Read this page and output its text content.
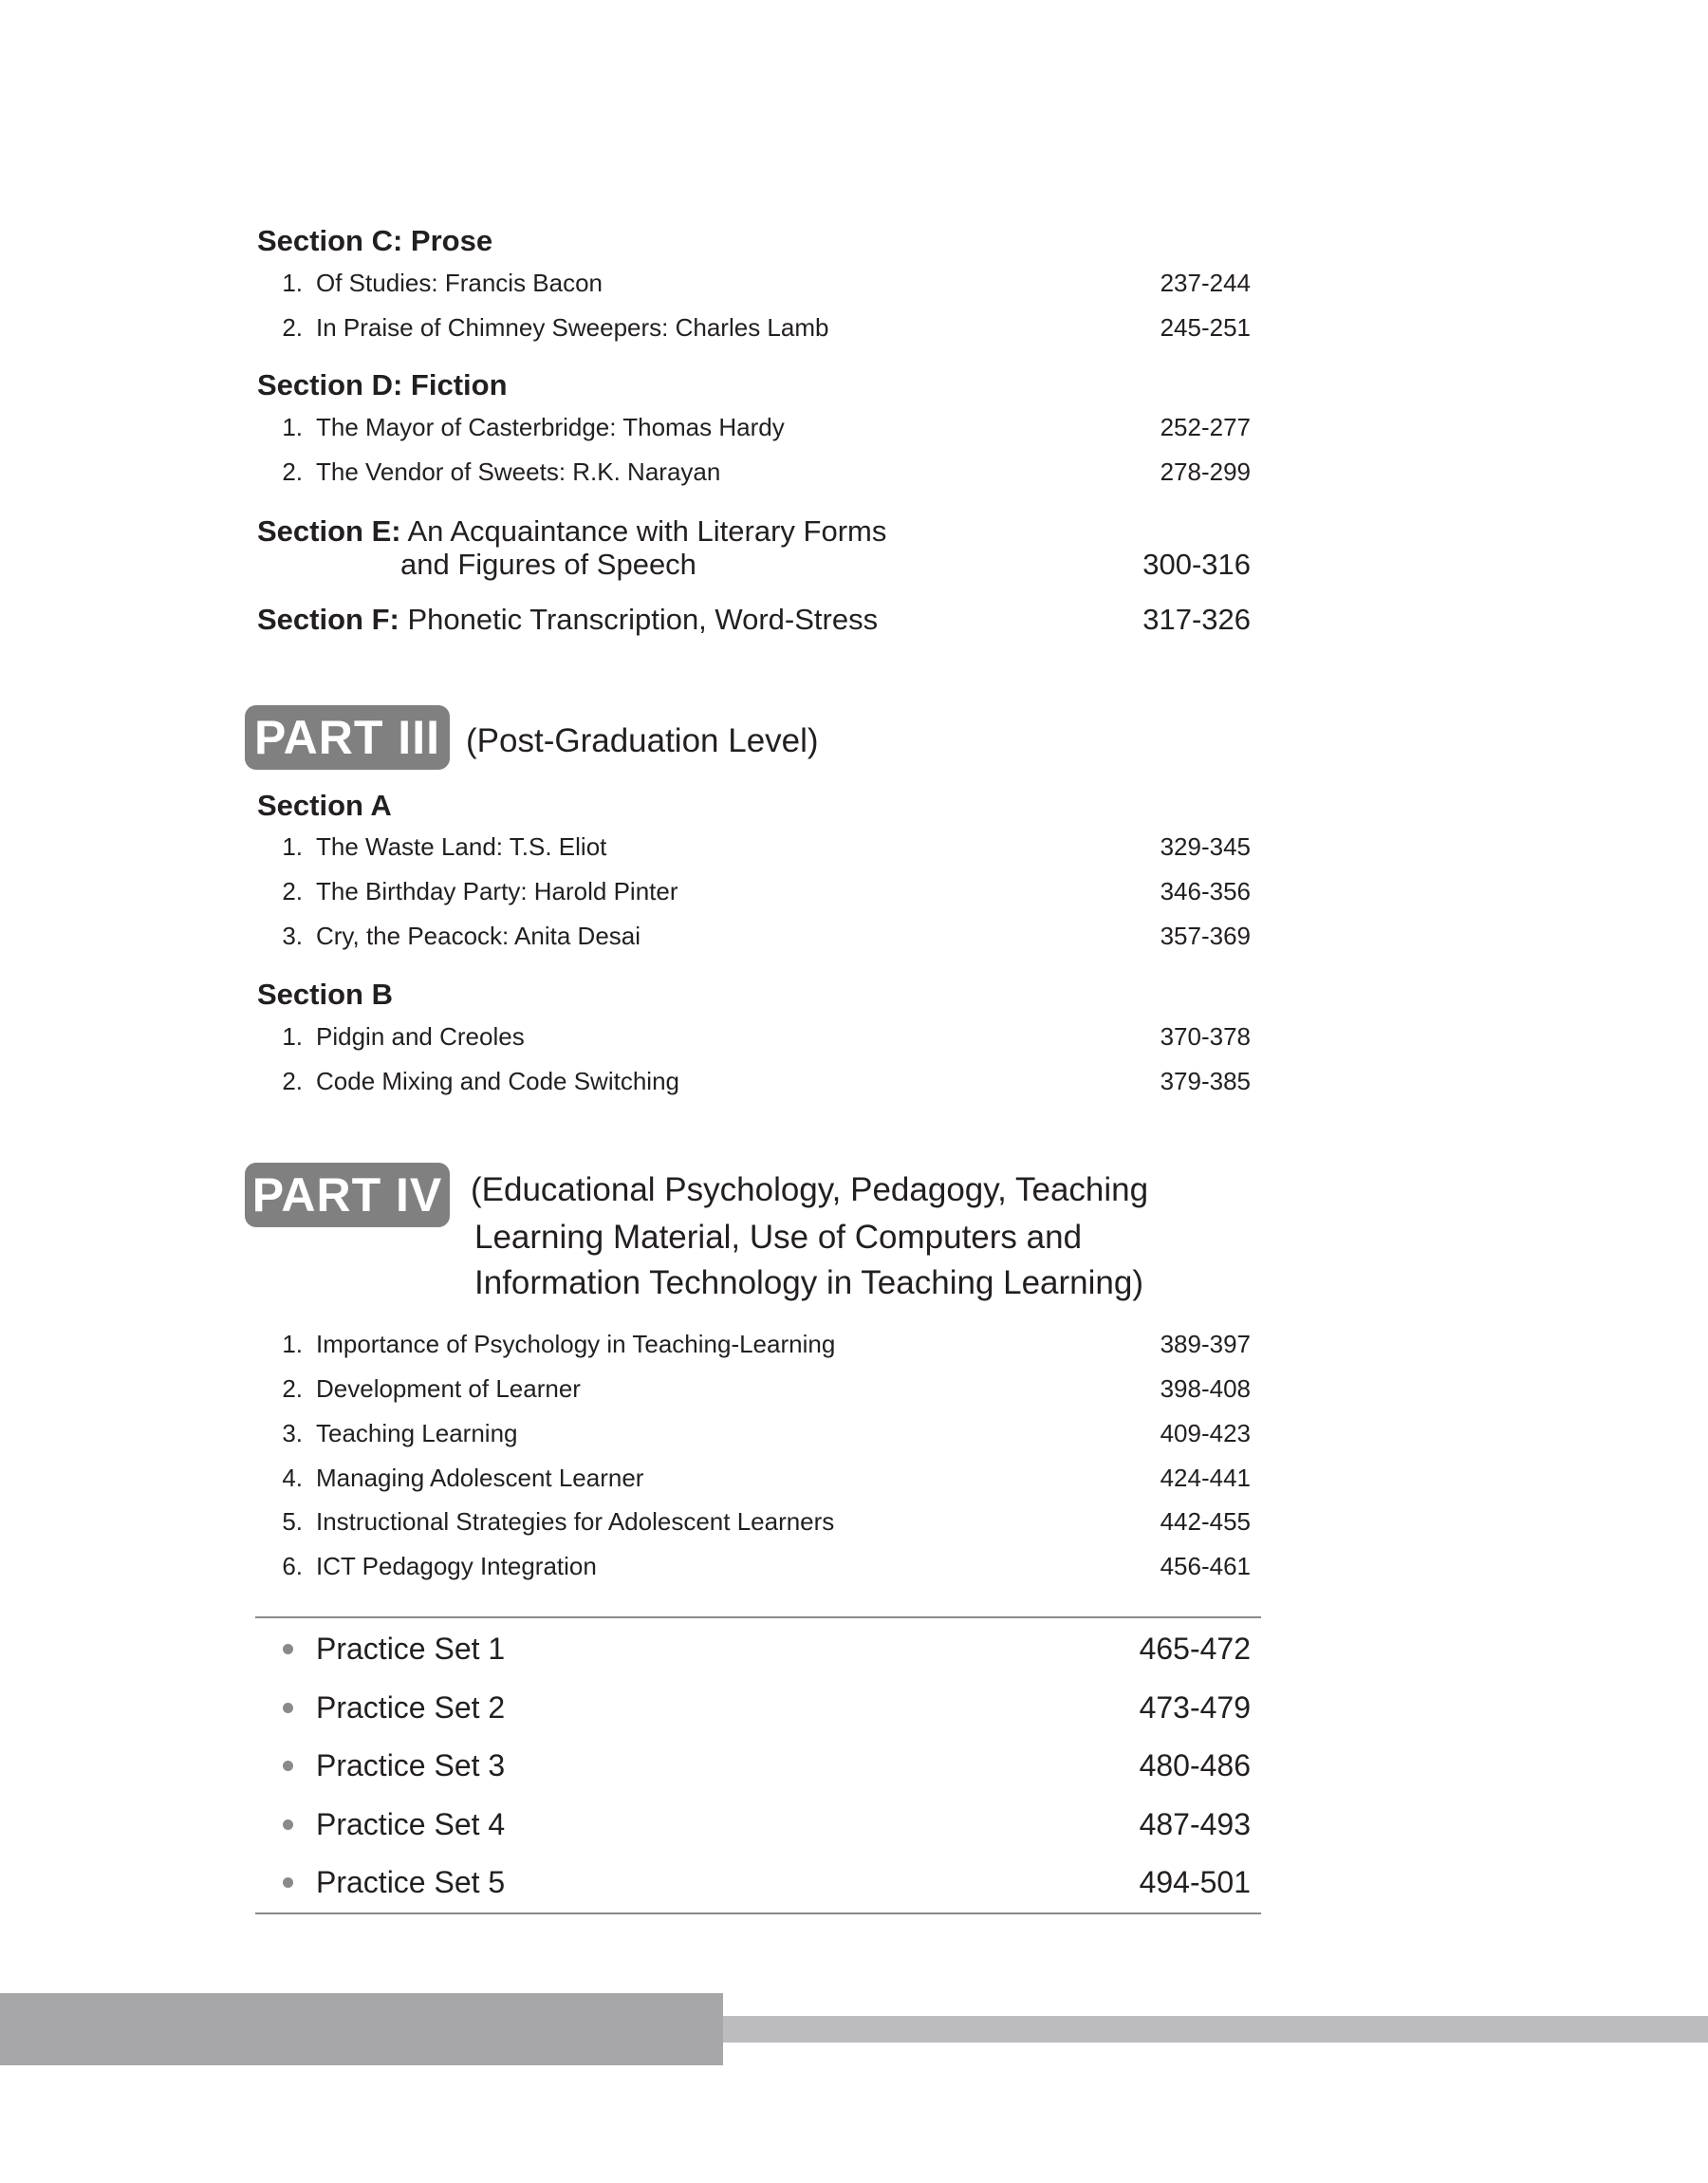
Section C: Prose
1. Of Studies: Francis Bacon	237-244
2. In Praise of Chimney Sweepers: Charles Lamb	245-251
Section D: Fiction
1. The Mayor of Casterbridge: Thomas Hardy	252-277
2. The Vendor of Sweets: R.K. Narayan	278-299
Section E: An Acquaintance with Literary Forms
and Figures of Speech	300-316
Section F: Phonetic Transcription, Word-Stress	317-326
PART III (Post-Graduation Level)
Section A
1. The Waste Land: T.S. Eliot	329-345
2. The Birthday Party: Harold Pinter	346-356
3. Cry, the Peacock: Anita Desai	357-369
Section B
1. Pidgin and Creoles	370-378
2. Code Mixing and Code Switching	379-385
PART IV (Educational Psychology, Pedagogy, Teaching
Learning Material, Use of Computers and
Information Technology in Teaching Learning)
1. Importance of Psychology in Teaching-Learning	389-397
2. Development of Learner	398-408
3. Teaching Learning	409-423
4. Managing Adolescent Learner	424-441
5. Instructional Strategies for Adolescent Learners	442-455
6. ICT Pedagogy Integration	456-461
Practice Set 1	465-472
Practice Set 2	473-479
Practice Set 3	480-486
Practice Set 4	487-493
Practice Set 5	494-501
